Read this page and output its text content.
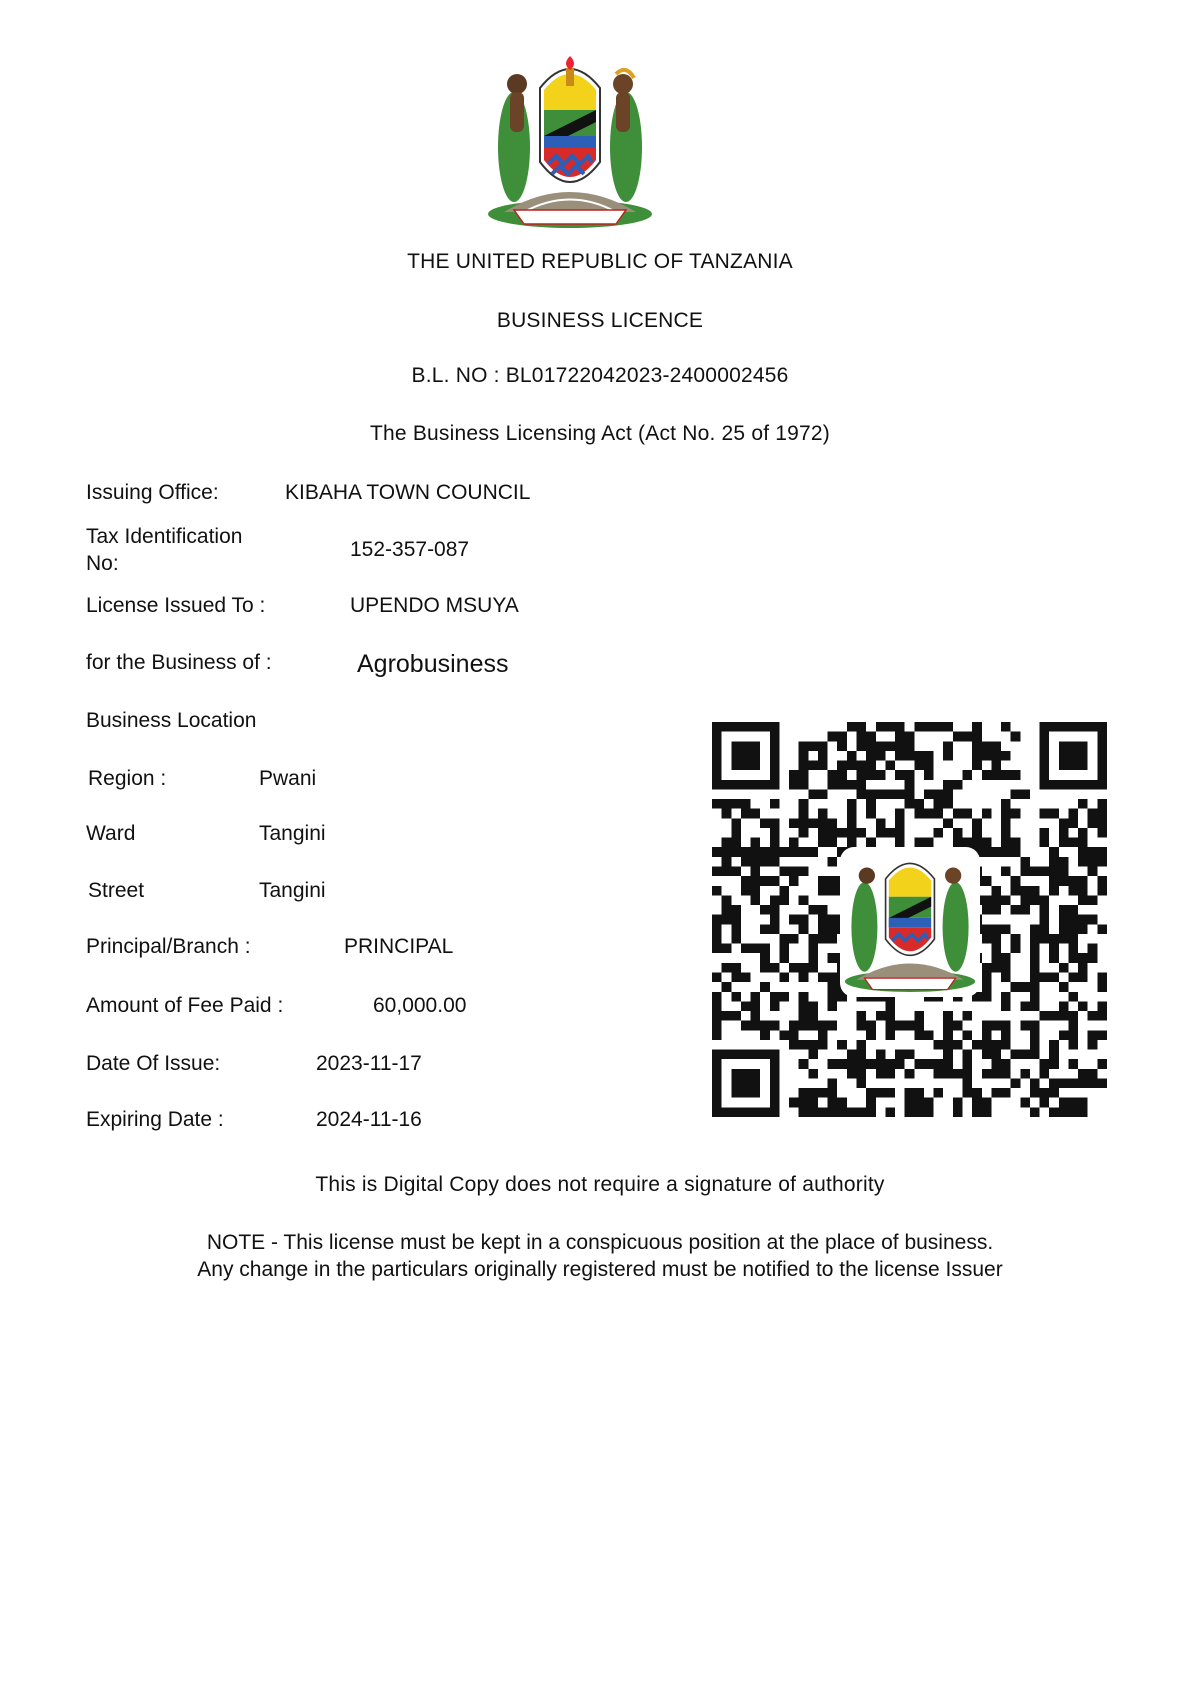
THE UNITED REPUBLIC OF TANZANIA
BUSINESS LICENCE
B.L. NO : BL01722042023-2400002456
The Business Licensing Act (Act No. 25 of 1972)
Issuing Office:	KIBAHA TOWN COUNCIL
Tax Identification No:
152-357-087
License Issued To :	UPENDO MSUYA
for the Business of :	Agrobusiness
Business Location
Region :	Pwani
Ward	Tangini
Street	Tangini
Principal/Branch :	PRINCIPAL
Amount of Fee Paid :	60,000.00
Date Of Issue:	2023-11-17
Expiring Date :	2024-11-16
This is Digital Copy does not require a signature of authority
NOTE - This license must be kept in a conspicuous position at the place of business. Any change in the particulars originally registered must be notified to the license Issuer
